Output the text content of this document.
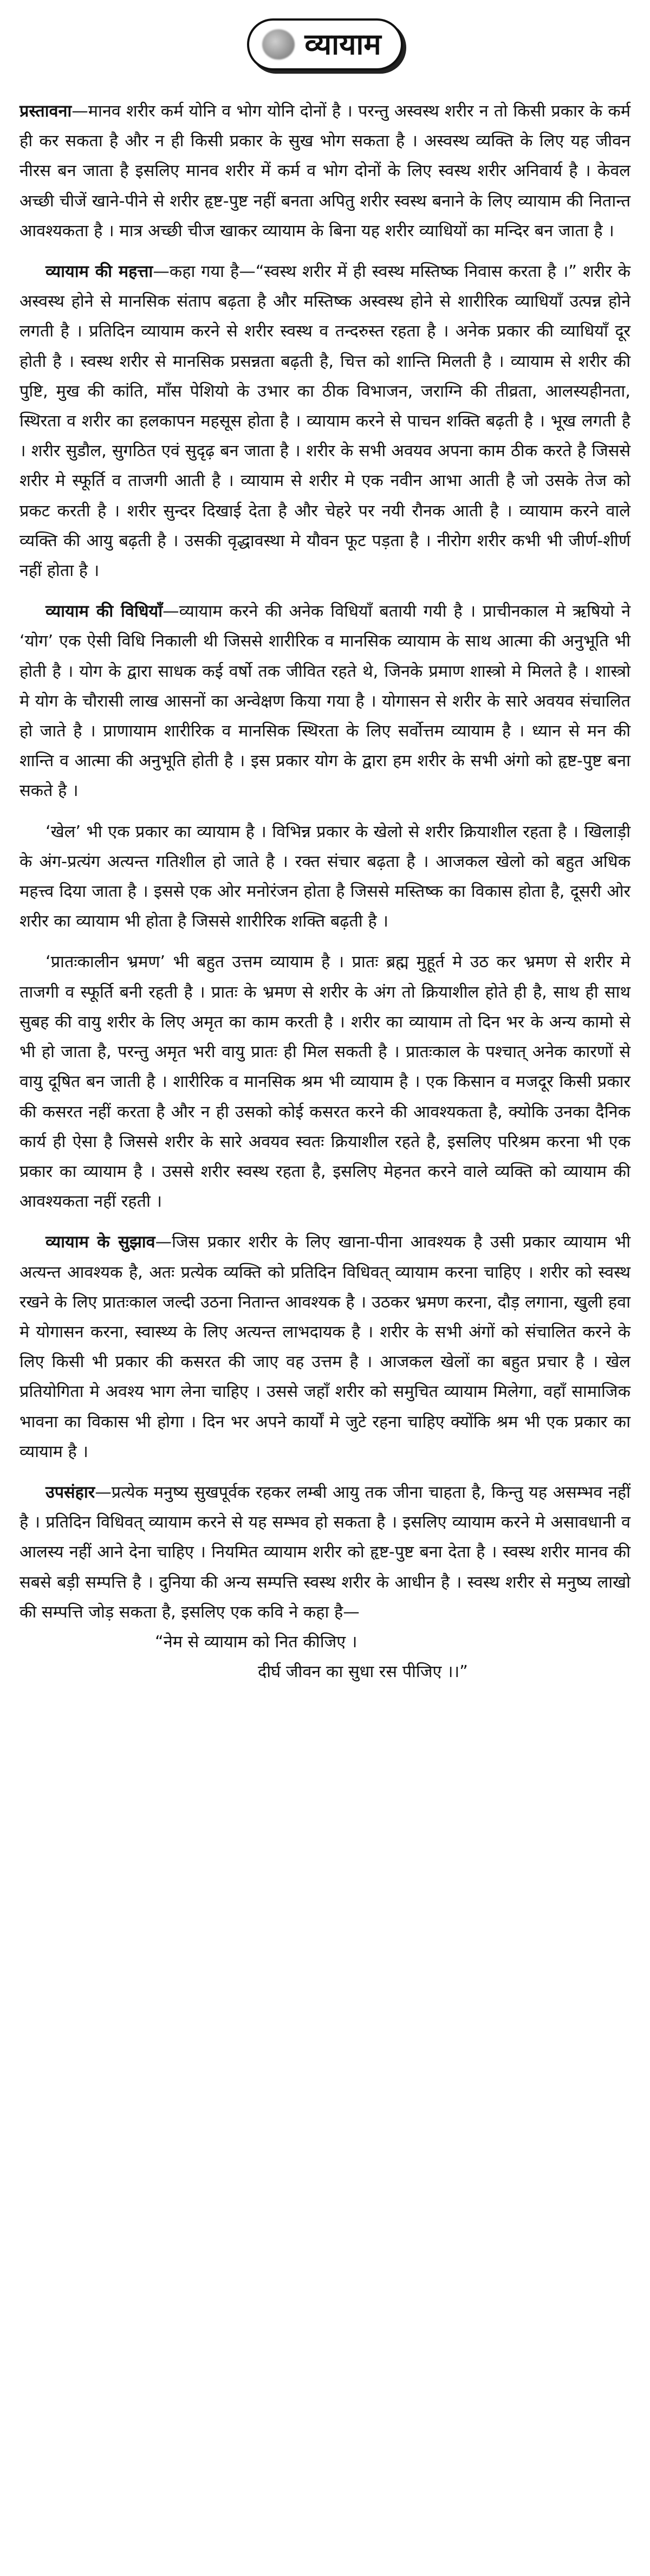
व्यायाम

प्रस्तावना—मानव शरीर कर्म योनि व भोग योनि दोनों है । परन्तु अस्वस्थ शरीर न तो किसी प्रकार के कर्म ही कर सकता है और न ही किसी प्रकार के सुख भोग सकता है । अस्वस्थ व्यक्ति के लिए यह जीवन नीरस बन जाता है इसलिए मानव शरीर में कर्म व भोग दोनों के लिए स्वस्थ शरीर अनिवार्य है । केवल अच्छी चीजें खाने-पीने से शरीर हृष्ट-पुष्ट नहीं बनता अपितु शरीर स्वस्थ बनाने के लिए व्यायाम की नितान्त आवश्यकता है । मात्र अच्छी चीज खाकर व्यायाम के बिना यह शरीर व्याधियों का मन्दिर बन जाता है ।

व्यायाम की महत्ता—कहा गया है—“स्वस्थ शरीर में ही स्वस्थ मस्तिष्क निवास करता है ।” शरीर के अस्वस्थ होने से मानसिक संताप बढ़ता है और मस्तिष्क अस्वस्थ होने से शारीरिक व्याधियाँ उत्पन्न होने लगती है । प्रतिदिन व्यायाम करने से शरीर स्वस्थ व तन्दरुस्त रहता है । अनेक प्रकार की व्याधियाँ दूर होती है । स्वस्थ शरीर से मानसिक प्रसन्नता बढ़ती है, चित्त को शान्ति मिलती है । व्यायाम से शरीर की पुष्टि, मुख की कांति, माँस पेशियो के उभार का ठीक विभाजन, जराग्नि की तीव्रता, आलस्यहीनता, स्थिरता व शरीर का हलकापन महसूस होता है । व्यायाम करने से पाचन शक्ति बढ़ती है । भूख लगती है । शरीर सुडौल, सुगठित एवं सुदृढ़ बन जाता है । शरीर के सभी अवयव अपना काम ठीक करते है जिससे शरीर मे स्फूर्ति व ताजगी आती है । व्यायाम से शरीर मे एक नवीन आभा आती है जो उसके तेज को प्रकट करती है । शरीर सुन्दर दिखाई देता है और चेहरे पर नयी रौनक आती है । व्यायाम करने वाले व्यक्ति की आयु बढ़ती है । उसकी वृद्धावस्था मे यौवन फूट पड़ता है । नीरोग शरीर कभी भी जीर्ण-शीर्ण नहीं होता है ।

व्यायाम की विधियाँ—व्यायाम करने की अनेक विधियाँ बतायी गयी है । प्राचीनकाल मे ऋषियो ने ‘योग’ एक ऐसी विधि निकाली थी जिससे शारीरिक व मानसिक व्यायाम के साथ आत्मा की अनुभूति भी होती है । योग के द्वारा साधक कई वर्षो तक जीवित रहते थे, जिनके प्रमाण शास्त्रो मे मिलते है । शास्त्रो मे योग के चौरासी लाख आसनों का अन्वेक्षण किया गया है । योगासन से शरीर के सारे अवयव संचालित हो जाते है । प्राणायाम शारीरिक व मानसिक स्थिरता के लिए सर्वोत्तम व्यायाम है । ध्यान से मन की शान्ति व आत्मा की अनुभूति होती है । इस प्रकार योग के द्वारा हम शरीर के सभी अंगो को हृष्ट-पुष्ट बना सकते है ।

‘खेल’ भी एक प्रकार का व्यायाम है । विभिन्न प्रकार के खेलो से शरीर क्रियाशील रहता है । खिलाड़ी के अंग-प्रत्यंग अत्यन्त गतिशील हो जाते है । रक्त संचार बढ़ता है । आजकल खेलो को बहुत अधिक महत्त्व दिया जाता है । इससे एक ओर मनोरंजन होता है जिससे मस्तिष्क का विकास होता है, दूसरी ओर शरीर का व्यायाम भी होता है जिससे शारीरिक शक्ति बढ़ती है ।

‘प्रातःकालीन भ्रमण’ भी बहुत उत्तम व्यायाम है । प्रातः ब्रह्म मुहूर्त मे उठ कर भ्रमण से शरीर मे ताजगी व स्फूर्ति बनी रहती है । प्रातः के भ्रमण से शरीर के अंग तो क्रियाशील होते ही है, साथ ही साथ सुबह की वायु शरीर के लिए अमृत का काम करती है । शरीर का व्यायाम तो दिन भर के अन्य कामो से भी हो जाता है, परन्तु अमृत भरी वायु प्रातः ही मिल सकती है । प्रातःकाल के पश्चात् अनेक कारणों से वायु दूषित बन जाती है । शारीरिक व मानसिक श्रम भी व्यायाम है । एक किसान व मजदूर किसी प्रकार की कसरत नहीं करता है और न ही उसको कोई कसरत करने की आवश्यकता है, क्योकि उनका दैनिक कार्य ही ऐसा है जिससे शरीर के सारे अवयव स्वतः क्रियाशील रहते है, इसलिए परिश्रम करना भी एक प्रकार का व्यायाम है । उससे शरीर स्वस्थ रहता है, इसलिए मेहनत करने वाले व्यक्ति को व्यायाम की आवश्यकता नहीं रहती ।

व्यायाम के सुझाव—जिस प्रकार शरीर के लिए खाना-पीना आवश्यक है उसी प्रकार व्यायाम भी अत्यन्त आवश्यक है, अतः प्रत्येक व्यक्ति को प्रतिदिन विधिवत् व्यायाम करना चाहिए । शरीर को स्वस्थ रखने के लिए प्रातःकाल जल्दी उठना नितान्त आवश्यक है । उठकर भ्रमण करना, दौड़ लगाना, खुली हवा मे योगासन करना, स्वास्थ्य के लिए अत्यन्त लाभदायक है । शरीर के सभी अंगों को संचालित करने के लिए किसी भी प्रकार की कसरत की जाए वह उत्तम है । आजकल खेलों का बहुत प्रचार है । खेल प्रतियोगिता मे अवश्य भाग लेना चाहिए । उससे जहाँ शरीर को समुचित व्यायाम मिलेगा, वहाँ सामाजिक भावना का विकास भी होगा । दिन भर अपने कार्यों मे जुटे रहना चाहिए क्योंकि श्रम भी एक प्रकार का व्यायाम है ।

उपसंहार—प्रत्येक मनुष्य सुखपूर्वक रहकर लम्बी आयु तक जीना चाहता है, किन्तु यह असम्भव नहीं है । प्रतिदिन विधिवत् व्यायाम करने से यह सम्भव हो सकता है । इसलिए व्यायाम करने मे असावधानी व आलस्य नहीं आने देना चाहिए । नियमित व्यायाम शरीर को हृष्ट-पुष्ट बना देता है । स्वस्थ शरीर मानव की सबसे बड़ी सम्पत्ति है । दुनिया की अन्य सम्पत्ति स्वस्थ शरीर के आधीन है । स्वस्थ शरीर से मनुष्य लाखो की सम्पत्ति जोड़ सकता है, इसलिए एक कवि ने कहा है—

“नेम से व्यायाम को नित कीजिए ।

दीर्घ जीवन का सुधा रस पीजिए ।।”
